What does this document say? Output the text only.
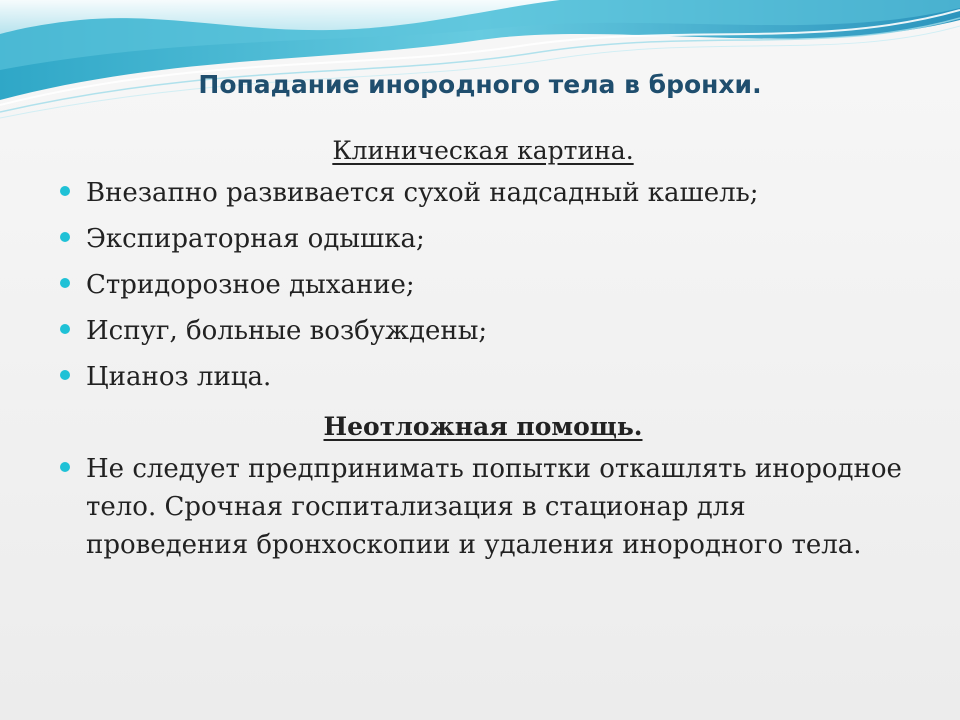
Попадание инородного тела в бронхи.
Клиническая картина.
Внезапно развивается сухой надсадный кашель;
Экспираторная одышка;
Стридорозное дыхание;
Испуг, больные возбуждены;
Цианоз лица.
Неотложная помощь.
Не следует предпринимать попытки откашлять инородное тело. Срочная госпитализация в стационар для проведения бронхоскопии и удаления инородного тела.
